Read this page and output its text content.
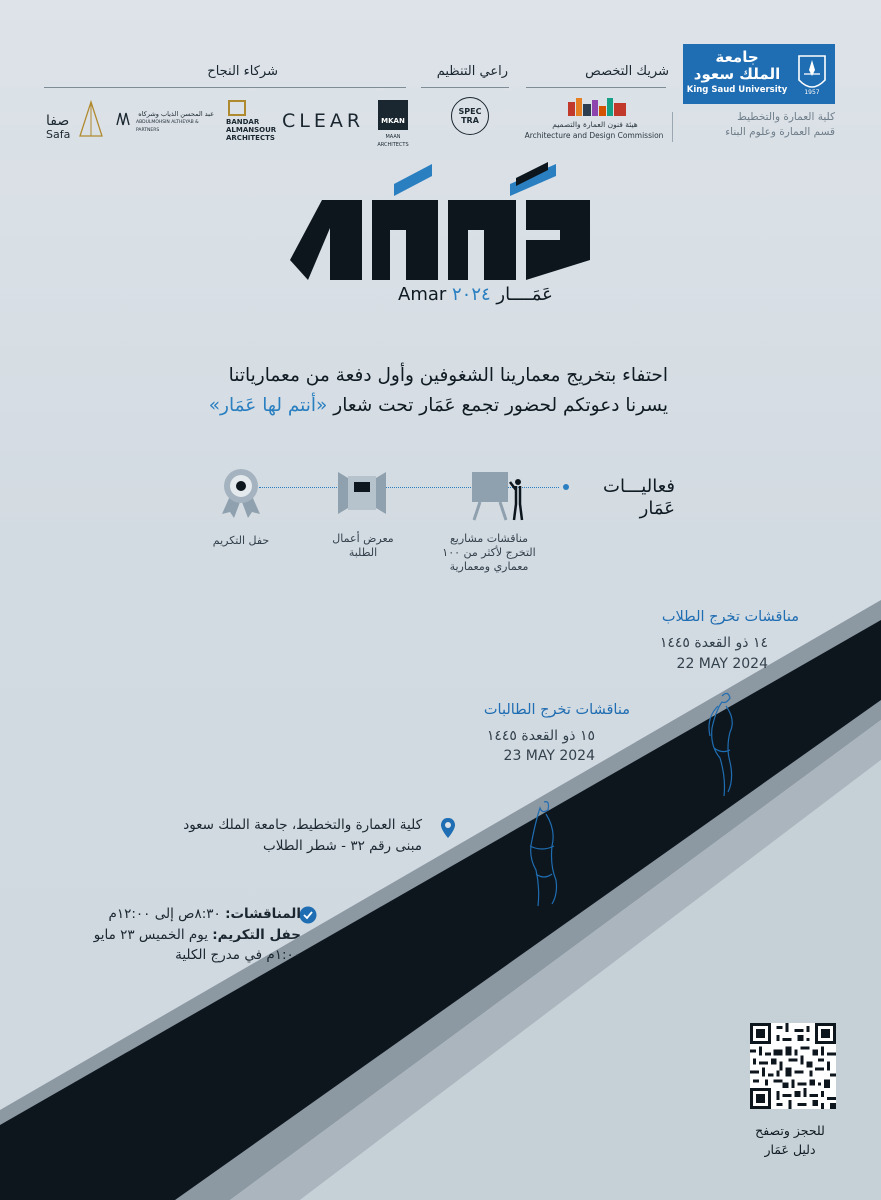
جامعة
الملك سعود
King Saud University	1957
كلية العمارة والتخطيط
قسم العمارة وعلوم البناء
شريك التخصص
راعي التنظيم
شركاء النجاح
هيئة فنون العمارة والتصميم
Architecture and Design Commission
SPEC
TRA
MKAN
MAAN ARCHITECTS
CLEAR
BANDAR
ALMANSOUR
ARCHITECTS
عبد المحسن الذياب وشركاه
ABDULMOHSIN ALTHEYAB & PARTNERS
صفا
Safa
Amar ٢٠٢٤ عَمَــــار
احتفاء بتخريج معمارينا الشغوفين وأول دفعة من معمارياتنا
يسرنا دعوتكم لحضور تجمع عَمَار تحت شعار «أنتم لها عَمَار»
فعاليـــات
عَمَار
مناقشات مشاريع
التخرج لأكثر من ١٠٠
معماري ومعمارية
معرض أعمال
الطلبة
حفل التكريم
مناقشات تخرج الطلاب
١٤ ذو القعدة ١٤٤٥
22 MAY 2024
مناقشات تخرج الطالبات
١٥ ذو القعدة ١٤٤٥
23 MAY 2024
كلية العمارة والتخطيط، جامعة الملك سعود
مبنى رقم ٣٢ - شطر الطلاب
المناقشات: ٨:٣٠ص إلى ١٢:٠٠م
حفل التكريم: يوم الخميس ٢٣ مايو
١:٠٠م في مدرج الكلية
للحجز وتصفح
دليل عَمَار
